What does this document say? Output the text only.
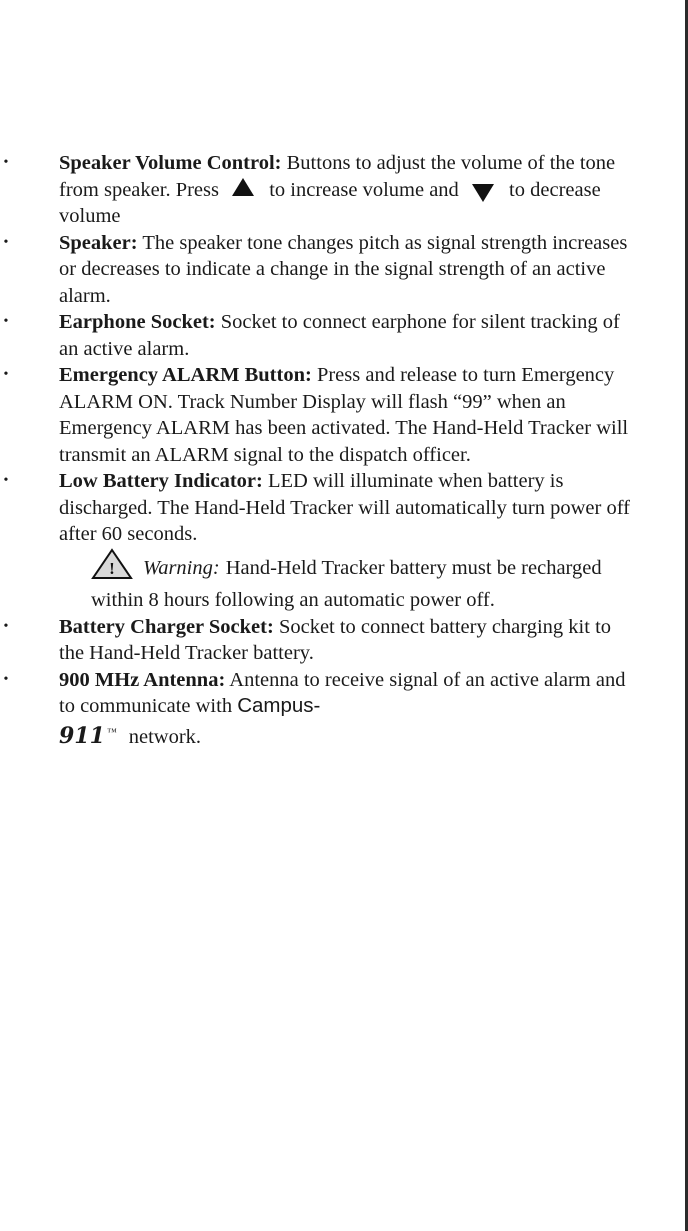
• Speaker Volume Control: Buttons to adjust the volume of the tone from speaker. Press to increase volume and to decrease volume
• Speaker: The speaker tone changes pitch as signal strength increases or decreases to indicate a change in the signal strength of an active alarm.
• Earphone Socket: Socket to connect earphone for silent tracking of an active alarm.
• Emergency ALARM Button: Press and release to turn Emergency ALARM ON. Track Number Display will flash “99” when an Emergency ALARM has been activated. The Hand-Held Tracker will transmit an ALARM signal to the dispatch officer.
• Low Battery Indicator: LED will illuminate when battery is discharged. The Hand-Held Tracker will automatically turn power off after 60 seconds.
! Warning: Hand-Held Tracker battery must be recharged within 8 hours following an automatic power off.
• Battery Charger Socket: Socket to connect battery charging kit to the Hand-Held Tracker battery.
• 900 MHz Antenna: Antenna to receive signal of an active alarm and to communicate with Campus-
911 ™ network.
